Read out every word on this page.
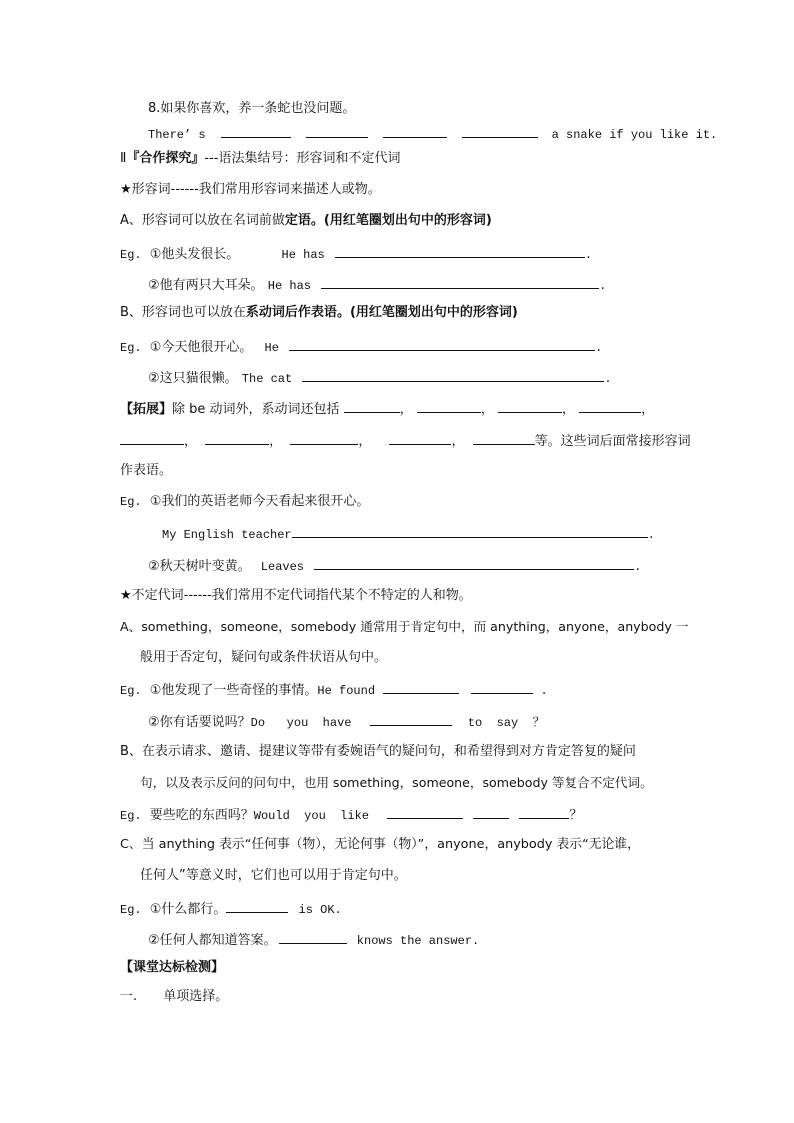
8.如果你喜欢，养一条蛇也没问题。
There’ s	a snake if you like it.
Ⅱ『合作探究』---语法集结号：形容词和不定代词
★形容词------我们常用形容词来描述人或物。
A、形容词可以放在名词前做定语。(用红笔圈划出句中的形容词)
Eg. ①他头发很长。	He has	.
②他有两只大耳朵。 He has	.
B、形容词也可以放在系动词后作表语。(用红笔圈划出句中的形容词)
Eg. ①今天他很开心。 He	.
②这只猫很懒。 The cat	.
【拓展】除 be 动词外，系动词还包括	，	，	，	，
，	，	，	，	等。这些词后面常接形容词
作表语。
Eg. ①我们的英语老师今天看起来很开心。
My English teacher	.
②秋天树叶变黄。 Leaves	.
★不定代词------我们常用不定代词指代某个不特定的人和物。
A、something，someone，somebody 通常用于肯定句中，而 anything，anyone，anybody 一
般用于否定句，疑问句或条件状语从句中。
Eg. ①他发现了一些奇怪的事情。He found	.
②你有话要说吗？Do   you  have	to  say  ？
B、在表示请求、邀请、提建议等带有委婉语气的疑问句，和希望得到对方肯定答复的疑问
句，以及表示反问的问句中，也用 something，someone，somebody 等复合不定代词。
Eg. 要些吃的东西吗？Would  you  like	？
C、当 anything 表示“任何事（物），无论何事（物）”，anyone，anybody 表示“无论谁，
任何人”等意义时，它们也可以用于肯定句中。
Eg. ①什么都行。	is OK.
②任何人都知道答案。	knows the answer.
【课堂达标检测】
一. 单项选择。
